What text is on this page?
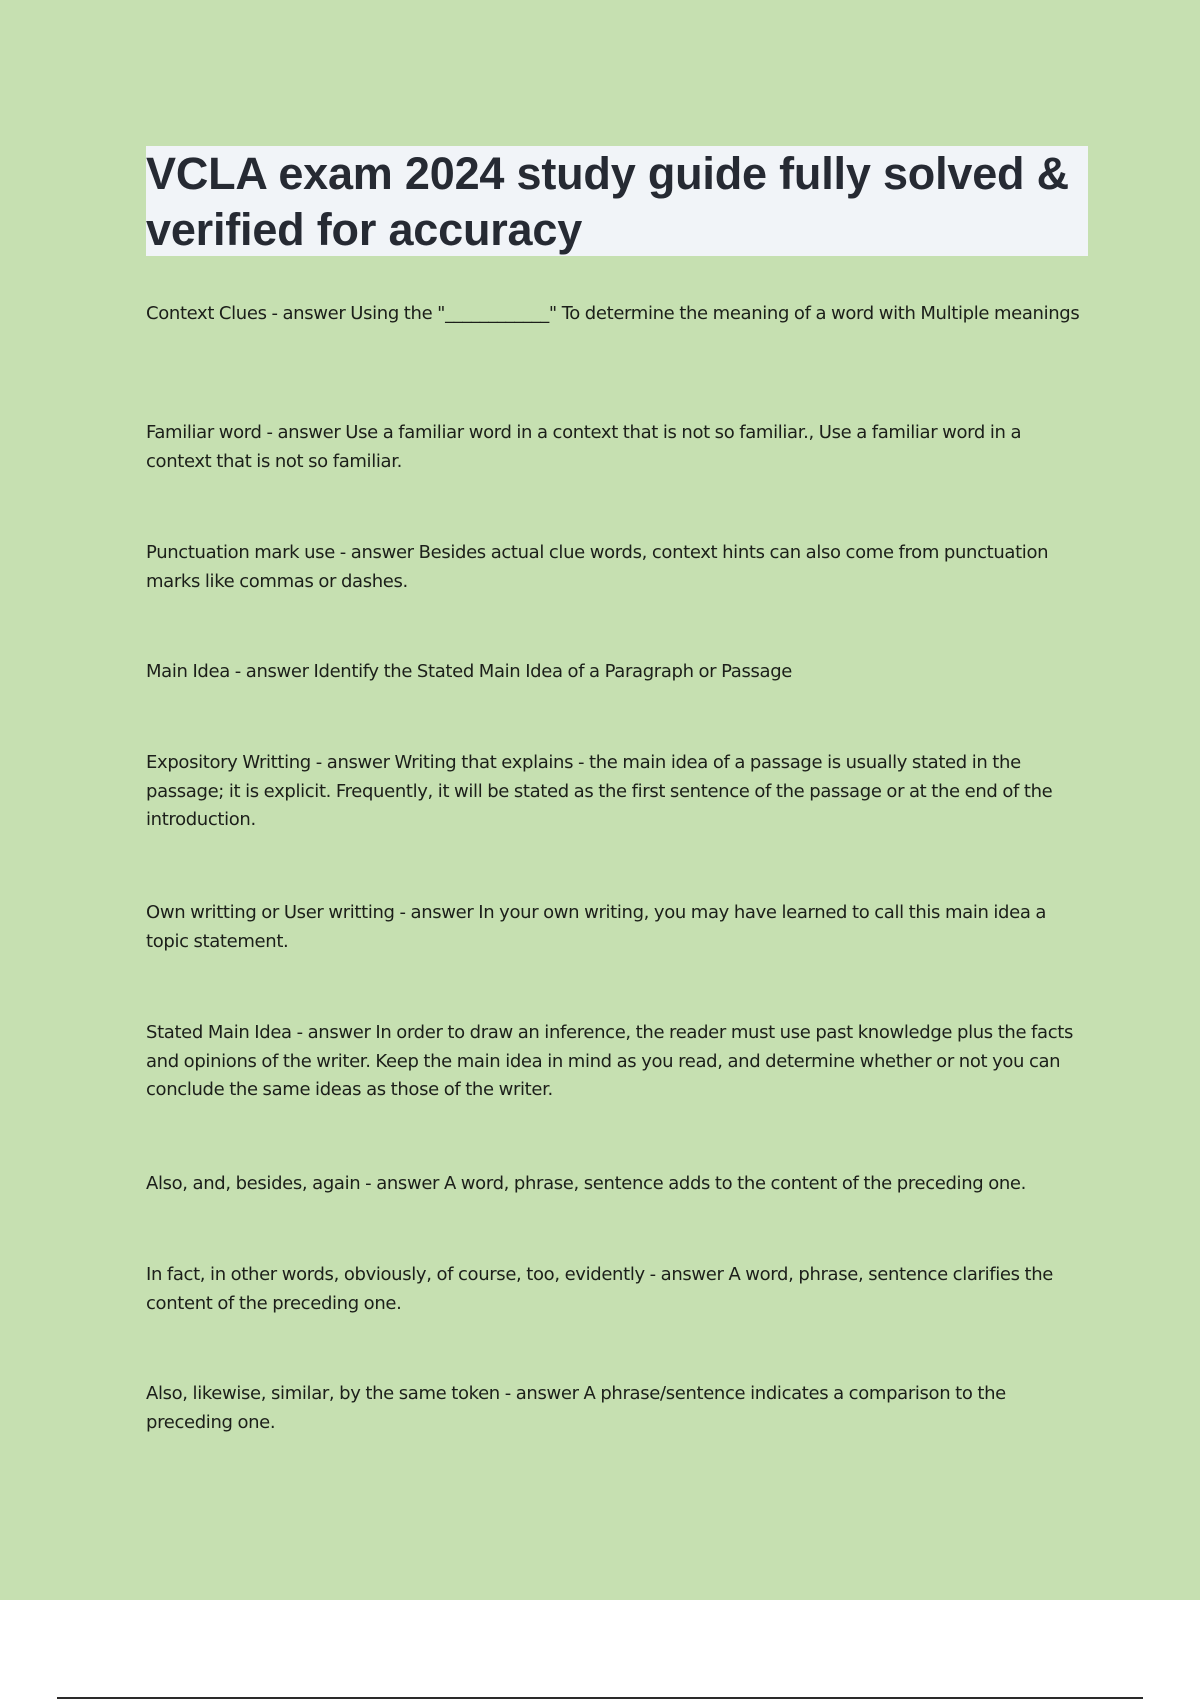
VCLA exam 2024 study guide fully solved & verified for accuracy

Context Clues - answer Using the "____________" To determine the meaning of a word with Multiple meanings

Familiar word - answer Use a familiar word in a context that is not so familiar., Use a familiar word in a context that is not so familiar.

Punctuation mark use - answer Besides actual clue words, context hints can also come from punctuation marks like commas or dashes.

Main Idea - answer Identify the Stated Main Idea of a Paragraph or Passage

Expository Writting - answer Writing that explains - the main idea of a passage is usually stated in the passage; it is explicit. Frequently, it will be stated as the first sentence of the passage or at the end of the introduction.

Own writting or User writting - answer In your own writing, you may have learned to call this main idea a topic statement.

Stated Main Idea - answer In order to draw an inference, the reader must use past knowledge plus the facts and opinions of the writer. Keep the main idea in mind as you read, and determine whether or not you can conclude the same ideas as those of the writer.

Also, and, besides, again - answer A word, phrase, sentence adds to the content of the preceding one.

In fact, in other words, obviously, of course, too, evidently - answer A word, phrase, sentence clarifies the content of the preceding one.

Also, likewise, similar, by the same token - answer A phrase/sentence indicates a comparison to the preceding one.
